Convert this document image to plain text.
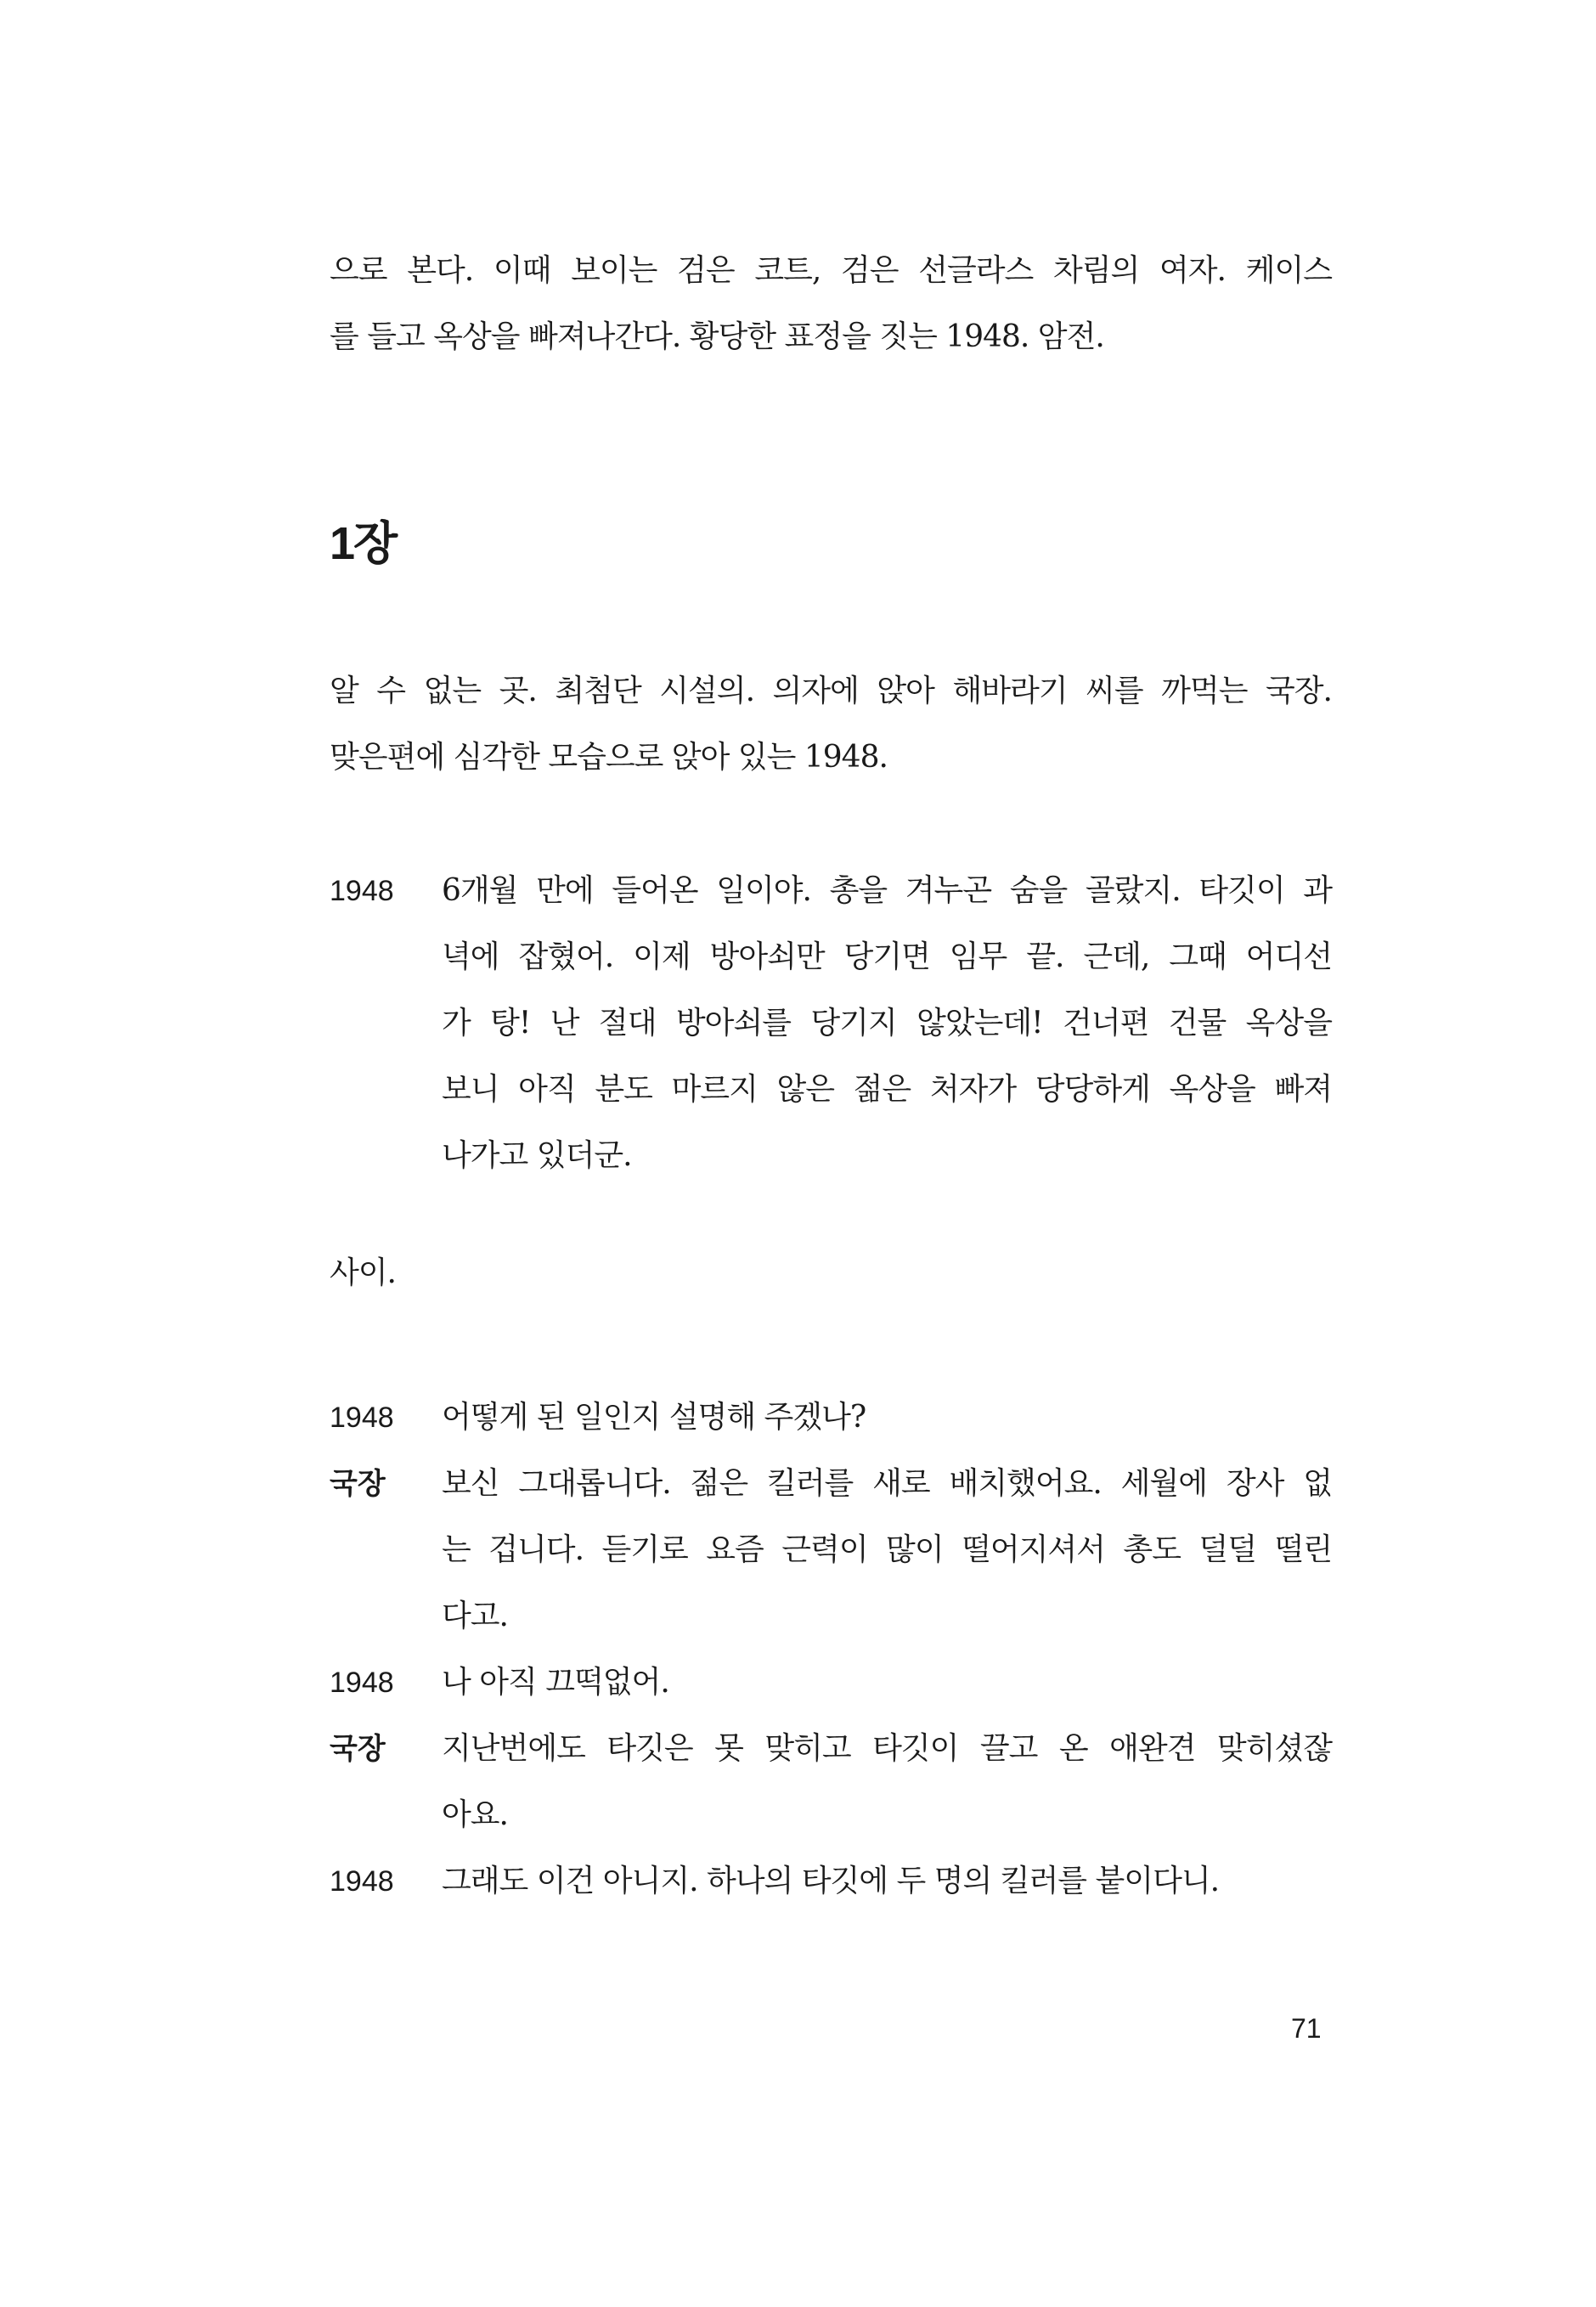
으로 본다. 이때 보이는 검은 코트, 검은 선글라스 차림의 여자. 케이스
를 들고 옥상을 빠져나간다. 황당한 표정을 짓는 1948. 암전.
1장
알 수 없는 곳. 최첨단 시설의. 의자에 앉아 해바라기 씨를 까먹는 국장.
맞은편에 심각한 모습으로 앉아 있는 1948.
1948	6개월 만에 들어온 일이야. 총을 겨누곤 숨을 골랐지. 타깃이 과
녁에 잡혔어. 이제 방아쇠만 당기면 임무 끝. 근데, 그때 어디선
가 탕! 난 절대 방아쇠를 당기지 않았는데! 건너편 건물 옥상을
보니 아직 분도 마르지 않은 젊은 처자가 당당하게 옥상을 빠져
나가고 있더군.
사이.
1948	어떻게 된 일인지 설명해 주겠나?
국장	보신 그대롭니다. 젊은 킬러를 새로 배치했어요. 세월에 장사 없
는 겁니다. 듣기로 요즘 근력이 많이 떨어지셔서 총도 덜덜 떨린
다고.
1948	나 아직 끄떡없어.
국장	지난번에도 타깃은 못 맞히고 타깃이 끌고 온 애완견 맞히셨잖
아요.
1948	그래도 이건 아니지. 하나의 타깃에 두 명의 킬러를 붙이다니.
71
